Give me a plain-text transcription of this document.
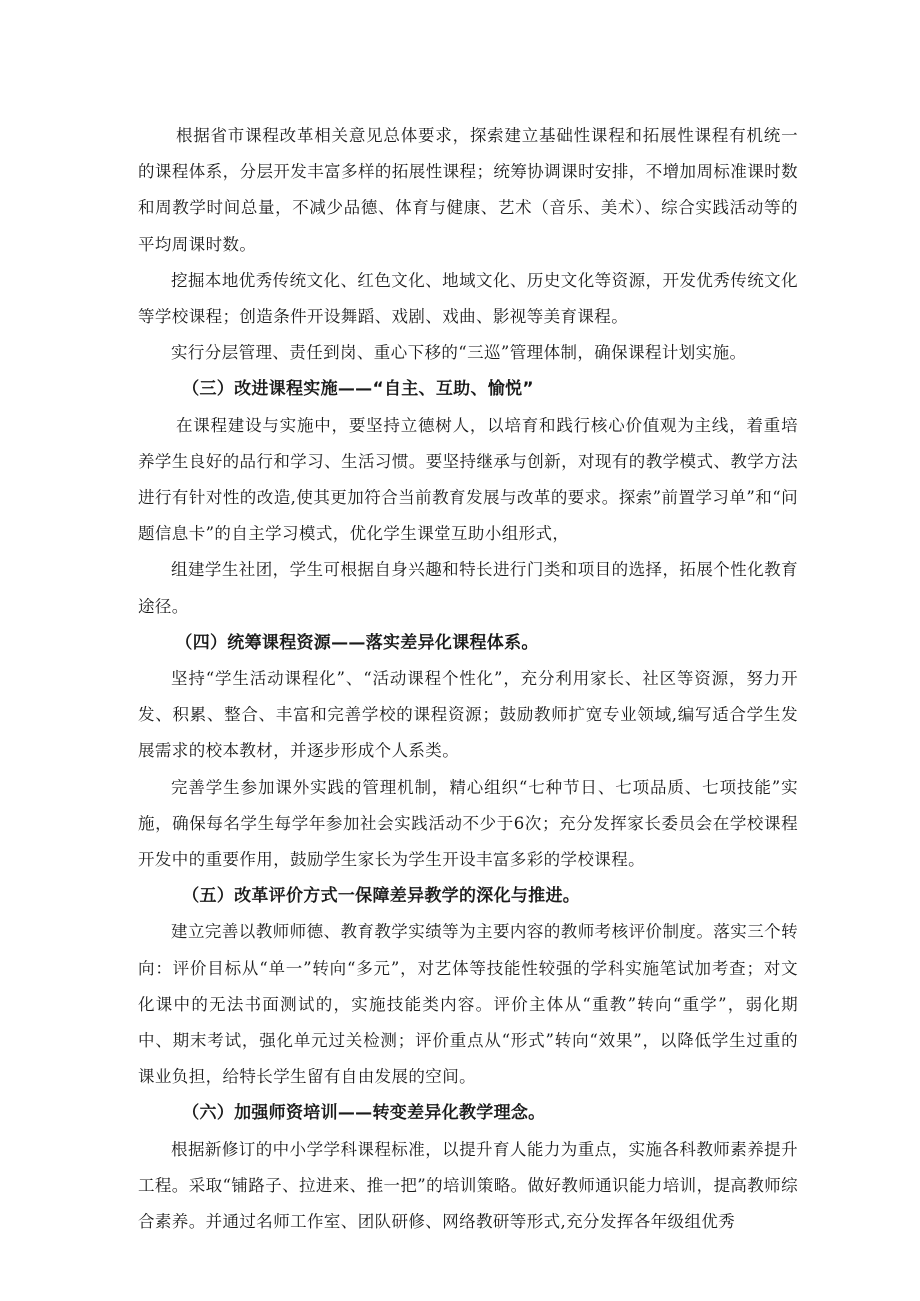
根据省市课程改革相关意见总体要求，探索建立基础性课程和拓展性课程有机统一的课程体系，分层开发丰富多样的拓展性课程；统筹协调课时安排，不增加周标准课时数和周教学时间总量，不减少品德、体育与健康、艺术（音乐、美术）、综合实践活动等的平均周课时数。

挖掘本地优秀传统文化、红色文化、地域文化、历史文化等资源，开发优秀传统文化等学校课程；创造条件开设舞蹈、戏剧、戏曲、影视等美育课程。

实行分层管理、责任到岗、重心下移的“三巡”管理体制，确保课程计划实施。

（三）改进课程实施——“自主、互助、愉悦”

在课程建设与实施中，要坚持立德树人，以培育和践行核心价值观为主线，着重培养学生良好的品行和学习、生活习惯。要坚持继承与创新，对现有的教学模式、教学方法进行有针对性的改造,使其更加符合当前教育发展与改革的要求。探索”前置学习单”和“问题信息卡”的自主学习模式，优化学生课堂互助小组形式，

组建学生社团，学生可根据自身兴趣和特长进行门类和项目的选择，拓展个性化教育途径。

（四）统筹课程资源——落实差异化课程体系。

坚持“学生活动课程化”、“活动课程个性化”，充分利用家长、社区等资源，努力开发、积累、整合、丰富和完善学校的课程资源；鼓励教师扩宽专业领域,编写适合学生发展需求的校本教材，并逐步形成个人系类。

完善学生参加课外实践的管理机制，精心组织“七种节日、七项品质、七项技能”实施，确保每名学生每学年参加社会实践活动不少于6次；充分发挥家长委员会在学校课程开发中的重要作用，鼓励学生家长为学生开设丰富多彩的学校课程。

（五）改革评价方式一保障差异教学的深化与推进。

建立完善以教师师德、教育教学实绩等为主要内容的教师考核评价制度。落实三个转向：评价目标从“单一”转向“多元”，对艺体等技能性较强的学科实施笔试加考查；对文化课中的无法书面测试的，实施技能类内容。评价主体从“重教”转向“重学”，弱化期中、期末考试，强化单元过关检测；评价重点从“形式”转向“效果”，以降低学生过重的课业负担，给特长学生留有自由发展的空间。

（六）加强师资培训——转变差异化教学理念。

根据新修订的中小学学科课程标准，以提升育人能力为重点，实施各科教师素养提升工程。采取“铺路子、拉进来、推一把”的培训策略。做好教师通识能力培训，提高教师综合素养。并通过名师工作室、团队研修、网络教研等形式,充分发挥各年级组优秀
